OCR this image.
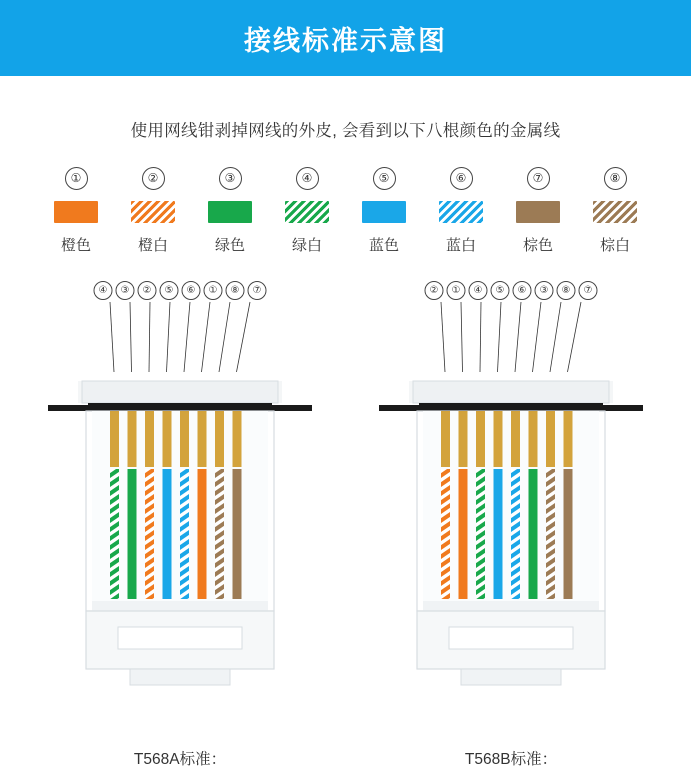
接线标准示意图
使用网线钳剥掉网线的外皮, 会看到以下八根颜色的金属线
①
橙色
②
橙白
③
绿色
④
绿白
⑤
蓝色
⑥
蓝白
⑦
棕色
⑧
棕白
④	③	②	⑤	⑥	①	⑧	⑦
T568A标准：
②	①	④	⑤	⑥	③	⑧	⑦
T568B标准：
